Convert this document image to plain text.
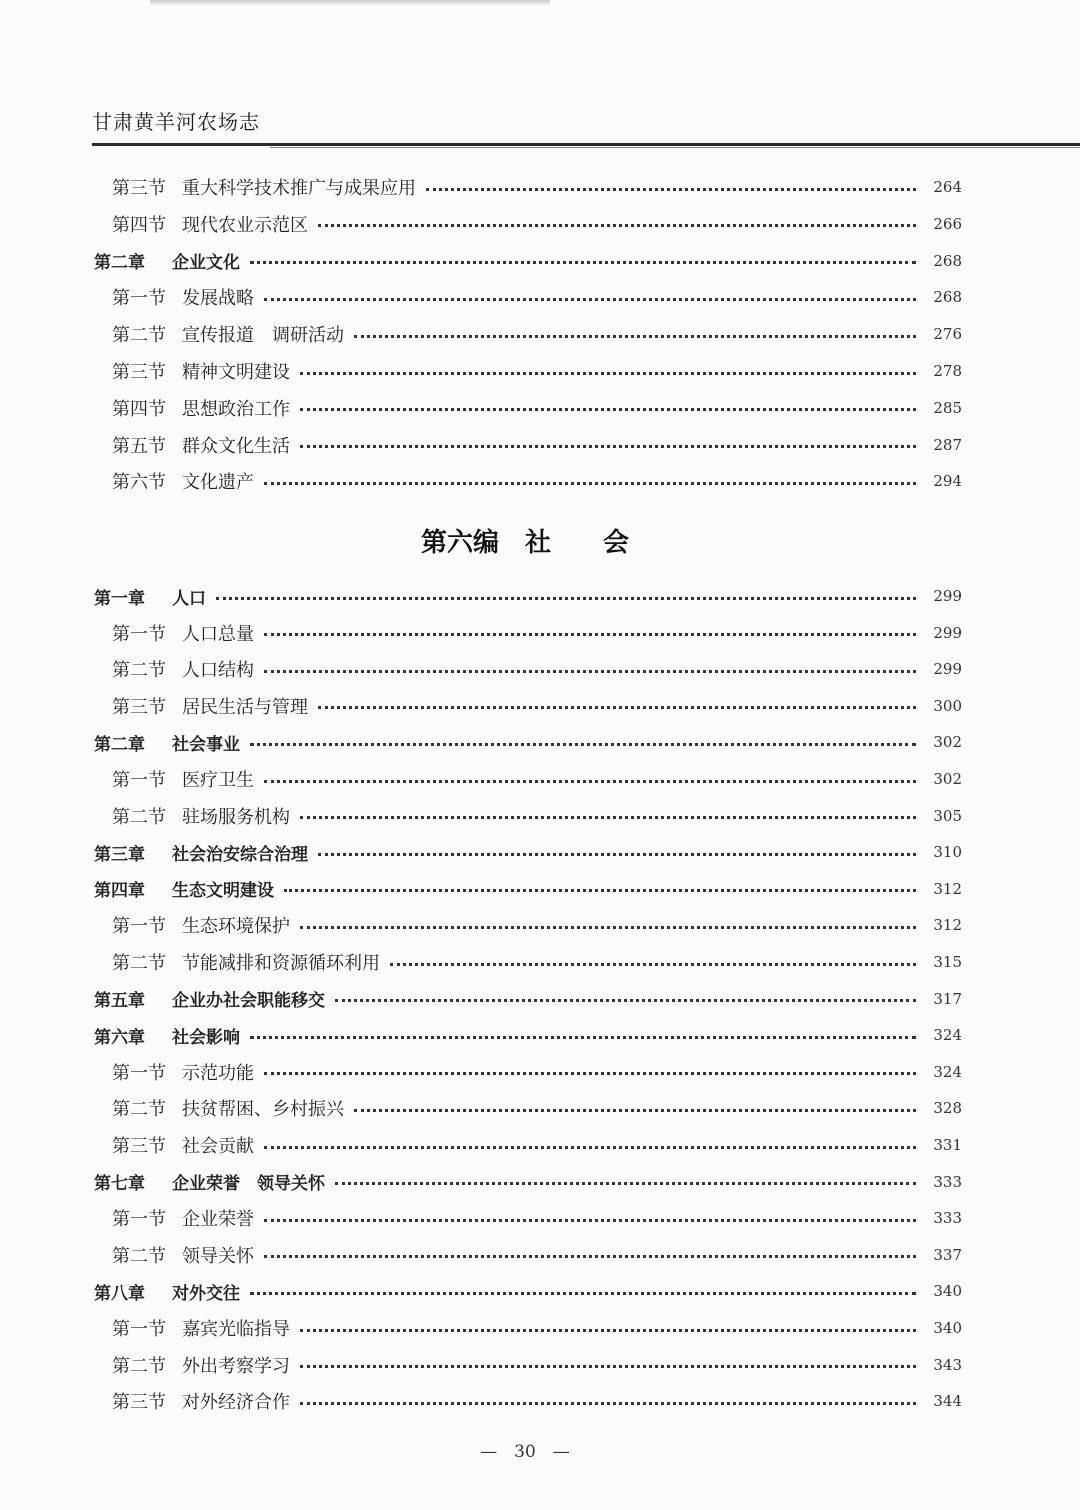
甘肃黄羊河农场志
第三节 重大科学技术推广与成果应用	264
第四节 现代农业示范区	266
第二章 企业文化	268
第一节 发展战略	268
第二节 宣传报道　调研活动	276
第三节 精神文明建设	278
第四节 思想政治工作	285
第五节 群众文化生活	287
第六节 文化遗产	294
第六编　社　　会
第一章 人口	299
第一节 人口总量	299
第二节 人口结构	299
第三节 居民生活与管理	300
第二章 社会事业	302
第一节 医疗卫生	302
第二节 驻场服务机构	305
第三章 社会治安综合治理	310
第四章 生态文明建设	312
第一节 生态环境保护	312
第二节 节能减排和资源循环利用	315
第五章 企业办社会职能移交	317
第六章 社会影响	324
第一节 示范功能	324
第二节 扶贫帮困、乡村振兴	328
第三节 社会贡献	331
第七章 企业荣誉　领导关怀	333
第一节 企业荣誉	333
第二节 领导关怀	337
第八章 对外交往	340
第一节 嘉宾光临指导	340
第二节 外出考察学习	343
第三节 对外经济合作	344
—　30　—
